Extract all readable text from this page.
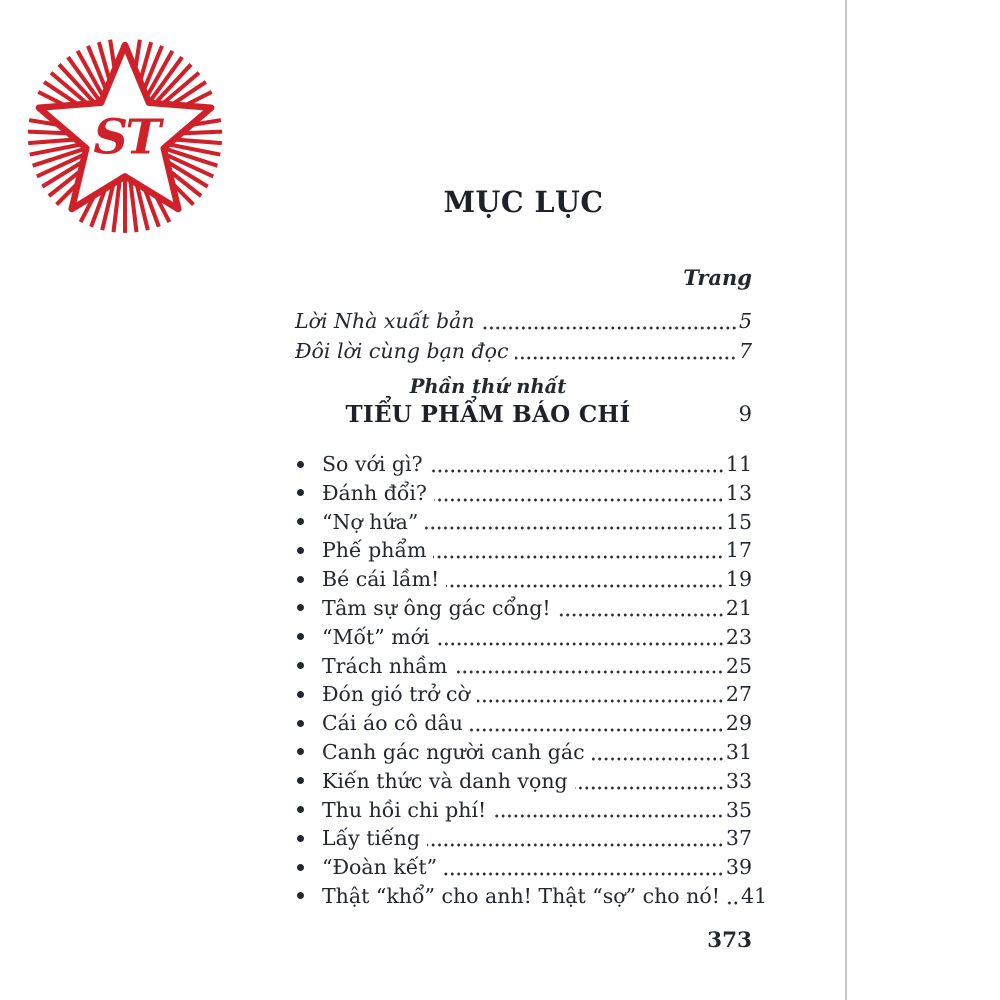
ST
MỤC LỤC
Trang
Lời Nhà xuất bản	5
Đôi lời cùng bạn đọc	7
Phần thứ nhất
TIỂU PHẨM BÁO CHÍ	9
So với gì?	11
Đánh đổi?	13
“Nợ hứa”	15
Phế phẩm	17
Bé cái lầm!	19
Tâm sự ông gác cổng!	21
“Mốt” mới	23
Trách nhầm	25
Đón gió trở cờ	27
Cái áo cô dâu	29
Canh gác người canh gác	31
Kiến thức và danh vọng	33
Thu hồi chi phí!	35
Lấy tiếng	37
“Đoàn kết”	39
Thật “khổ” cho anh! Thật “sợ” cho nó! 41
373
